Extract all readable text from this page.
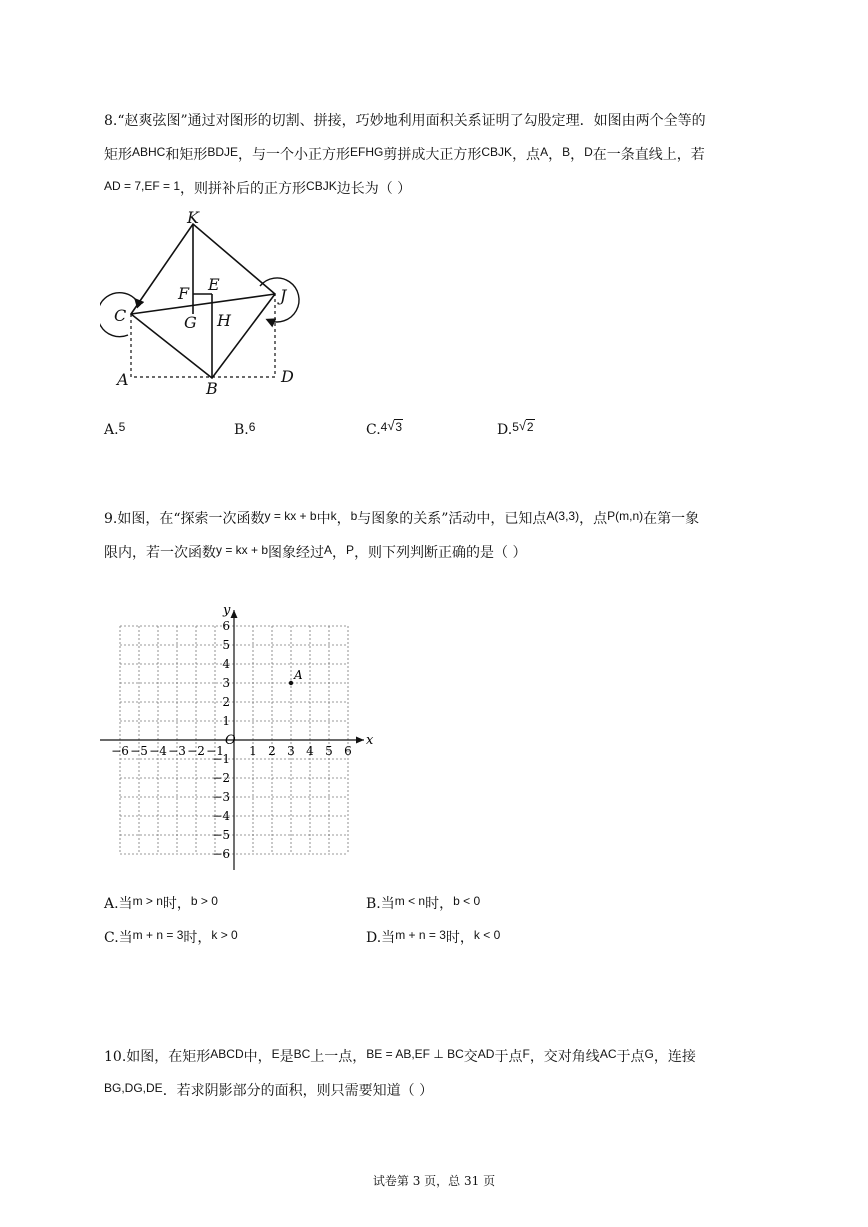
8.“赵爽弦图”通过对图形的切割、拼接，巧妙地利用面积关系证明了勾股定理．如图由两个全等的

矩形ABHC和矩形BDJE，与一个小正方形EFHG剪拼成大正方形CBJK，点A，B，D在一条直线上，若

AD = 7,EF = 1，则拼补后的正方形CBJK边长为（ ）

K
E
F	J
C	G H
A	B
D
A.5	B.6	C.4 √ 3	D.5 √ 2

9.如图，在“探索一次函数y = kx + b中k，b与图象的关系”活动中，已知点A(3,3)，点P(m,n)在第一象

限内，若一次函数y = kx + b图象经过A，P，则下列判断正确的是（ ）

−6 −5 −4 −3 −2 −1 1 2 3 4 5 6
6
5
4
3
2
1
−1
−2
−3
−4
−5
−6
x
y
O
A
A.当m > n时，b > 0	B.当m < n时，b < 0
C.当m + n = 3时，k > 0	D.当m + n = 3时，k < 0

10.如图，在矩形ABCD中，E是BC上一点，BE = AB,EF ⊥ BC交AD于点F，交对角线AC于点G，连接

BG,DG,DE．若求阴影部分的面积，则只需要知道（ ）

试卷第 3 页，总 31 页
